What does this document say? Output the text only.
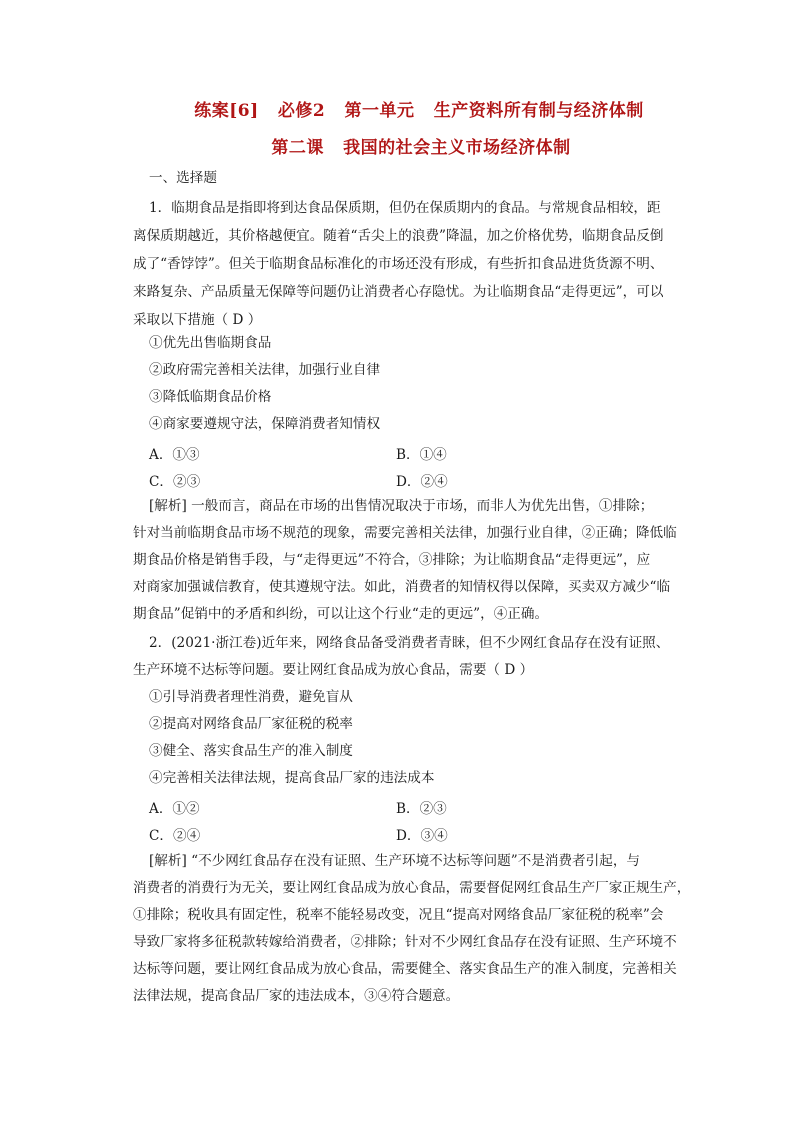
练案[6]   必修2   第一单元   生产资料所有制与经济体制
第二课   我国的社会主义市场经济体制
一、选择题
1．临期食品是指即将到达食品保质期，但仍在保质期内的食品。与常规食品相较，距
离保质期越近，其价格越便宜。随着“舌尖上的浪费”降温，加之价格优势，临期食品反倒
成了“香饽饽”。但关于临期食品标准化的市场还没有形成，有些折扣食品进货货源不明、
来路复杂、产品质量无保障等问题仍让消费者心存隐忧。为让临期食品“走得更远”，可以
采取以下措施（ D ）
①优先出售临期食品
②政府需完善相关法律，加强行业自律
③降低临期食品价格
④商家要遵规守法，保障消费者知情权
A．①③	B．①④
C．②③	D．②④
[解析] 一般而言，商品在市场的出售情况取决于市场，而非人为优先出售，①排除；
针对当前临期食品市场不规范的现象，需要完善相关法律，加强行业自律，②正确；降低临
期食品价格是销售手段，与“走得更远”不符合，③排除；为让临期食品“走得更远”，应
对商家加强诚信教育，使其遵规守法。如此，消费者的知情权得以保障，买卖双方减少“临
期食品”促销中的矛盾和纠纷，可以让这个行业“走的更远”，④正确。
2．(2021·浙江卷)近年来，网络食品备受消费者青睐，但不少网红食品存在没有证照、
生产环境不达标等问题。要让网红食品成为放心食品，需要（ D ）
①引导消费者理性消费，避免盲从
②提高对网络食品厂家征税的税率
③健全、落实食品生产的准入制度
④完善相关法律法规，提高食品厂家的违法成本
A．①②	B．②③
C．②④	D．③④
[解析] “不少网红食品存在没有证照、生产环境不达标等问题”不是消费者引起，与
消费者的消费行为无关，要让网红食品成为放心食品，需要督促网红食品生产厂家正规生产，
①排除；税收具有固定性，税率不能轻易改变，况且“提高对网络食品厂家征税的税率”会
导致厂家将多征税款转嫁给消费者，②排除；针对不少网红食品存在没有证照、生产环境不
达标等问题，要让网红食品成为放心食品，需要健全、落实食品生产的准入制度，完善相关
法律法规，提高食品厂家的违法成本，③④符合题意。
